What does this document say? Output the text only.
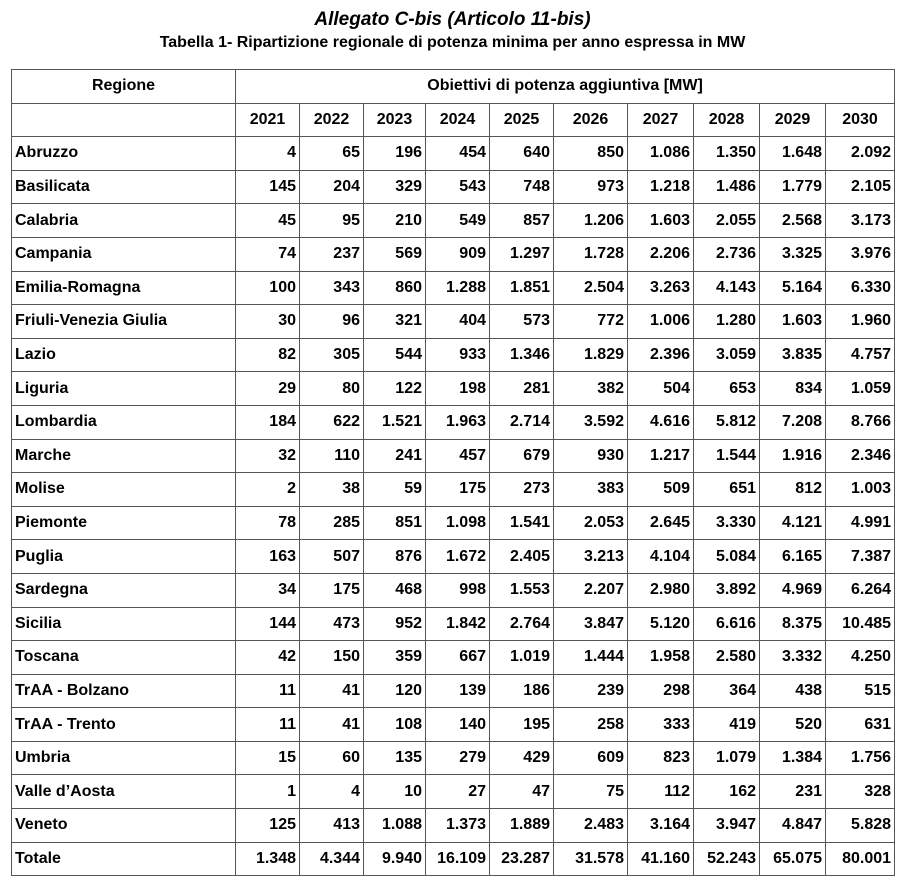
Allegato C-bis (Articolo 11-bis)
Tabella 1- Ripartizione regionale di potenza minima per anno espressa in MW
Regione	Obiettivi di potenza aggiuntiva [MW]									
	2021	2022	2023	2024	2025	2026	2027	2028	2029	2030
Abruzzo	4	65	196	454	640	850	1.086	1.350	1.648	2.092
Basilicata	145	204	329	543	748	973	1.218	1.486	1.779	2.105
Calabria	45	95	210	549	857	1.206	1.603	2.055	2.568	3.173
Campania	74	237	569	909	1.297	1.728	2.206	2.736	3.325	3.976
Emilia-Romagna	100	343	860	1.288	1.851	2.504	3.263	4.143	5.164	6.330
Friuli-Venezia Giulia	30	96	321	404	573	772	1.006	1.280	1.603	1.960
Lazio	82	305	544	933	1.346	1.829	2.396	3.059	3.835	4.757
Liguria	29	80	122	198	281	382	504	653	834	1.059
Lombardia	184	622	1.521	1.963	2.714	3.592	4.616	5.812	7.208	8.766
Marche	32	110	241	457	679	930	1.217	1.544	1.916	2.346
Molise	2	38	59	175	273	383	509	651	812	1.003
Piemonte	78	285	851	1.098	1.541	2.053	2.645	3.330	4.121	4.991
Puglia	163	507	876	1.672	2.405	3.213	4.104	5.084	6.165	7.387
Sardegna	34	175	468	998	1.553	2.207	2.980	3.892	4.969	6.264
Sicilia	144	473	952	1.842	2.764	3.847	5.120	6.616	8.375	10.485
Toscana	42	150	359	667	1.019	1.444	1.958	2.580	3.332	4.250
TrAA - Bolzano	11	41	120	139	186	239	298	364	438	515
TrAA - Trento	11	41	108	140	195	258	333	419	520	631
Umbria	15	60	135	279	429	609	823	1.079	1.384	1.756
Valle d’Aosta	1	4	10	27	47	75	112	162	231	328
Veneto	125	413	1.088	1.373	1.889	2.483	3.164	3.947	4.847	5.828
Totale	1.348	4.344	9.940	16.109	23.287	31.578	41.160	52.243	65.075	80.001
